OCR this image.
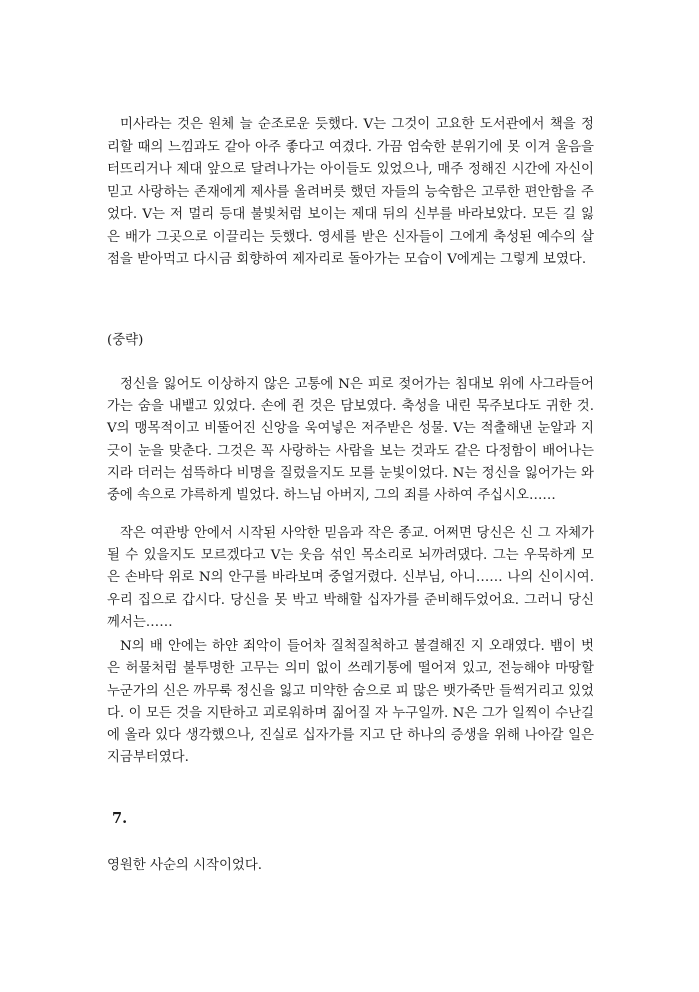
미사라는 것은 원체 늘 순조로운 듯했다. V는 그것이 고요한 도서관에서 책을 정리할 때의 느낌과도 같아 아주 좋다고 여겼다. 가끔 엄숙한 분위기에 못 이겨 울음을 터뜨리거나 제대 앞으로 달려나가는 아이들도 있었으나, 매주 정해진 시간에 자신이 믿고 사랑하는 존재에게 제사를 올려버릇 했던 자들의 능숙함은 고루한 편안함을 주었다. V는 저 멀리 등대 불빛처럼 보이는 제대 뒤의 신부를 바라보았다. 모든 길 잃은 배가 그곳으로 이끌리는 듯했다. 영세를 받은 신자들이 그에게 축성된 예수의 살점을 받아먹고 다시금 회향하여 제자리로 돌아가는 모습이 V에게는 그렇게 보였다.

(중략)

정신을 잃어도 이상하지 않은 고통에 N은 피로 젖어가는 침대보 위에 사그라들어가는 숨을 내뱉고 있었다. 손에 쥔 것은 담보였다. 축성을 내린 묵주보다도 귀한 것. V의 맹목적이고 비뚤어진 신앙을 욱여넣은 저주받은 성물. V는 적출해낸 눈알과 지긋이 눈을 맞춘다. 그것은 꼭 사랑하는 사람을 보는 것과도 같은 다정함이 배어나는지라 더러는 섬뜩하다 비명을 질렀을지도 모를 눈빛이었다. N는 정신을 잃어가는 와중에 속으로 갸륵하게 빌었다. 하느님 아버지, 그의 죄를 사하여 주십시오……

작은 여관방 안에서 시작된 사악한 믿음과 작은 종교. 어쩌면 당신은 신 그 자체가 될 수 있을지도 모르겠다고 V는 웃음 섞인 목소리로 뇌까려댔다. 그는 우묵하게 모은 손바닥 위로 N의 안구를 바라보며 중얼거렸다. 신부님, 아니…… 나의 신이시여. 우리 집으로 갑시다. 당신을 못 박고 박해할 십자가를 준비해두었어요. 그러니 당신께서는……

N의 배 안에는 하얀 죄악이 들어차 질척질척하고 불결해진 지 오래였다. 뱀이 벗은 허물처럼 불투명한 고무는 의미 없이 쓰레기통에 떨어져 있고, 전능해야 마땅할 누군가의 신은 까무룩 정신을 잃고 미약한 숨으로 피 많은 뱃가죽만 들썩거리고 있었다. 이 모든 것을 지탄하고 괴로워하며 짊어질 자 누구일까. N은 그가 일찍이 수난길에 올라 있다 생각했으나, 진실로 십자가를 지고 단 하나의 증생을 위해 나아갈 일은 지금부터였다.

7.

영원한 사순의 시작이었다.
